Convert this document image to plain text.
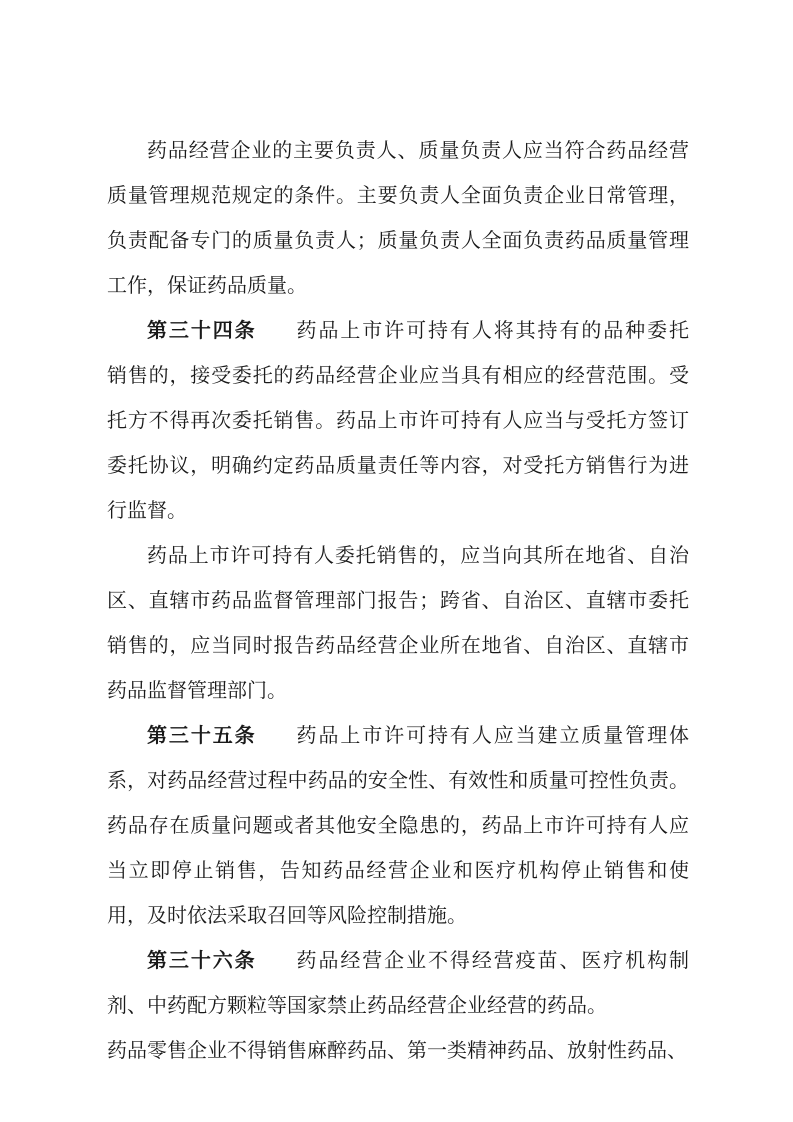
药品经营企业的主要负责人、质量负责人应当符合药品经营
质量管理规范规定的条件。主要负责人全面负责企业日常管理，
负责配备专门的质量负责人；质量负责人全面负责药品质量管理
工作，保证药品质量。
第三十四条 药品上市许可持有人将其持有的品种委托
销售的，接受委托的药品经营企业应当具有相应的经营范围。受
托方不得再次委托销售。药品上市许可持有人应当与受托方签订
委托协议，明确约定药品质量责任等内容，对受托方销售行为进
行监督。
药品上市许可持有人委托销售的，应当向其所在地省、自治
区、直辖市药品监督管理部门报告；跨省、自治区、直辖市委托
销售的，应当同时报告药品经营企业所在地省、自治区、直辖市
药品监督管理部门。
第三十五条 药品上市许可持有人应当建立质量管理体
系，对药品经营过程中药品的安全性、有效性和质量可控性负责。
药品存在质量问题或者其他安全隐患的，药品上市许可持有人应
当立即停止销售，告知药品经营企业和医疗机构停止销售和使
用，及时依法采取召回等风险控制措施。
第三十六条 药品经营企业不得经营疫苗、医疗机构制
剂、中药配方颗粒等国家禁止药品经营企业经营的药品。
药品零售企业不得销售麻醉药品、第一类精神药品、放射性药品、
